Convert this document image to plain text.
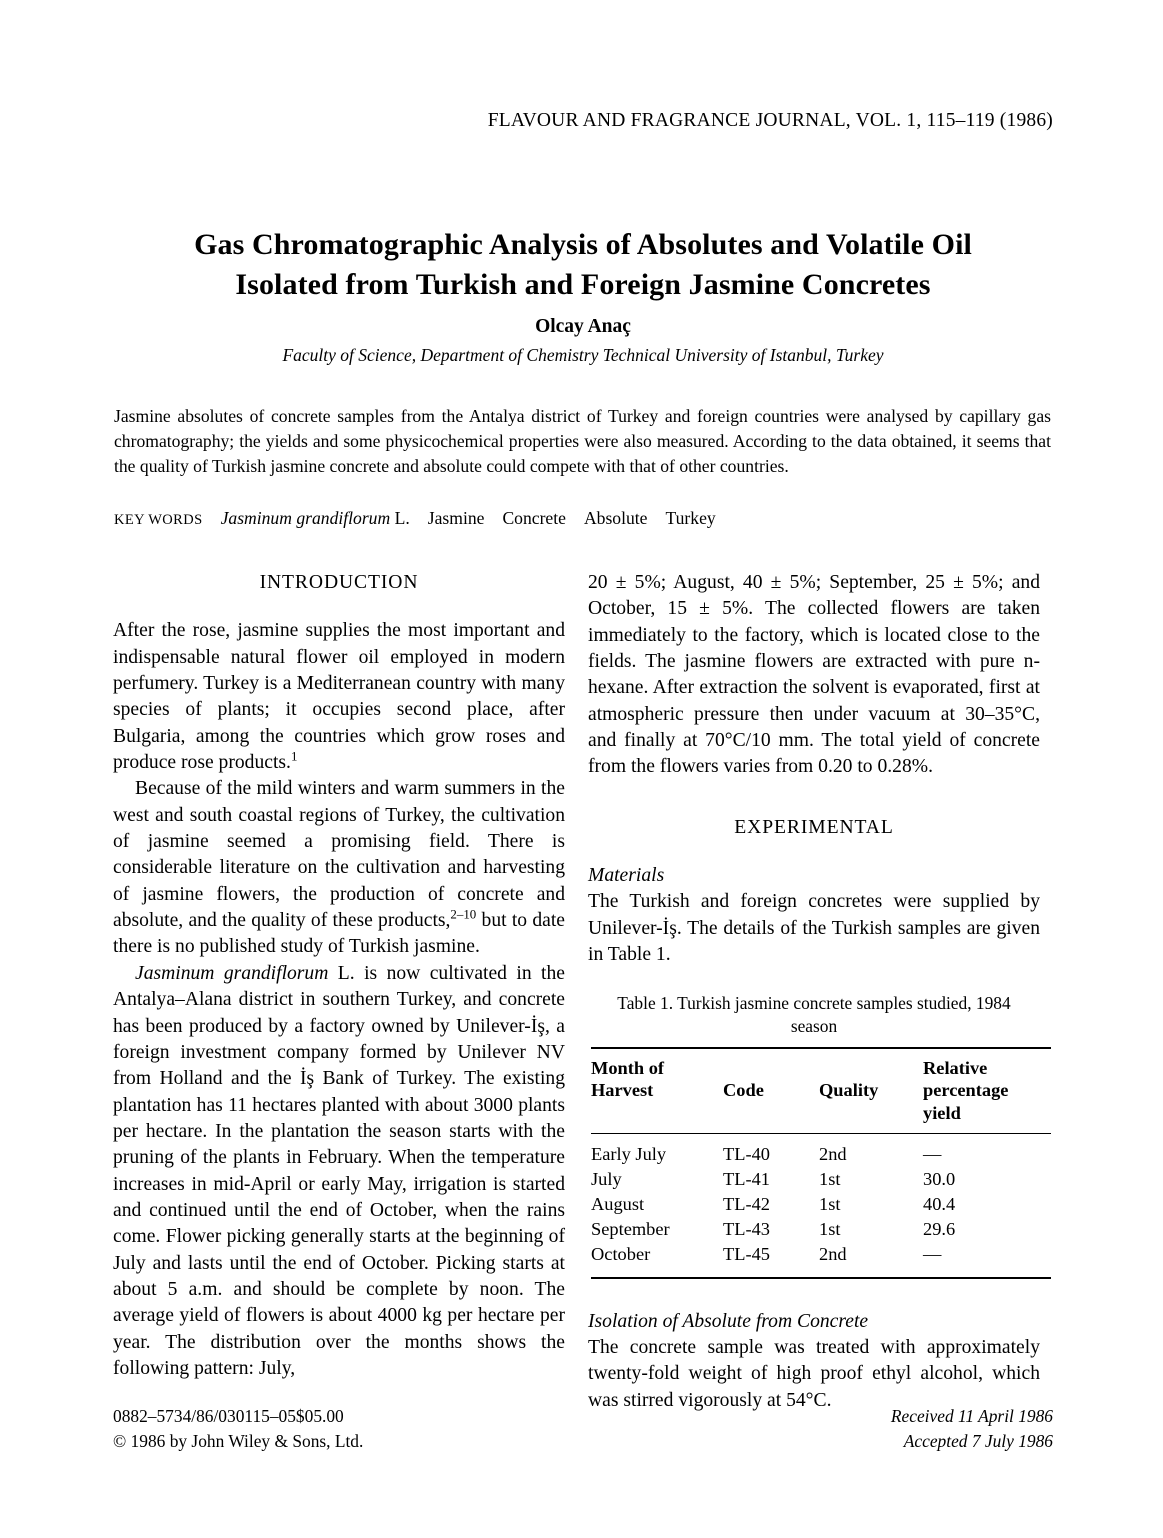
FLAVOUR AND FRAGRANCE JOURNAL, VOL. 1, 115–119 (1986)
Gas Chromatographic Analysis of Absolutes and Volatile Oil
Isolated from Turkish and Foreign Jasmine Concretes
Olcay Anaç
Faculty of Science, Department of Chemistry Technical University of Istanbul, Turkey
Jasmine absolutes of concrete samples from the Antalya district of Turkey and foreign countries were analysed by capillary gas chromatography; the yields and some physicochemical properties were also measured. According to the data obtained, it seems that the quality of Turkish jasmine concrete and absolute could compete with that of other countries.
KEY WORDS Jasminum grandiflorum L. Jasmine Concrete Absolute Turkey
INTRODUCTION

After the rose, jasmine supplies the most important and indispensable natural flower oil employed in modern perfumery. Turkey is a Mediterranean country with many species of plants; it occupies second place, after Bulgaria, among the countries which grow roses and produce rose products.$^1$

Because of the mild winters and warm summers in the west and south coastal regions of Turkey, the cultivation of jasmine seemed a promising field. There is considerable literature on the cultivation and harvesting of jasmine flowers, the production of concrete and absolute, and the quality of these products,$^{2-10}$ but to date there is no published study of Turkish jasmine.

Jasminum grandiflorum L. is now cultivated in the Antalya–Alana district in southern Turkey, and concrete has been produced by a factory owned by Unilever-İş, a foreign investment company formed by Unilever NV from Holland and the İş Bank of Turkey. The existing plantation has 11 hectares planted with about 3000 plants per hectare. In the plantation the season starts with the pruning of the plants in February. When the temperature increases in mid-April or early May, irrigation is started and continued until the end of October, when the rains come. Flower picking generally starts at the beginning of July and lasts until the end of October. Picking starts at about 5 a.m. and should be complete by noon. The average yield of flowers is about 4000 kg per hectare per year. The distribution over the months shows the following pattern: July,

20 ± 5%; August, 40 ± 5%; September, 25 ± 5%; and October, 15 ± 5%. The collected flowers are taken immediately to the factory, which is located close to the fields. The jasmine flowers are extracted with pure n-hexane. After extraction the solvent is evaporated, first at atmospheric pressure then under vacuum at 30–35°C, and finally at 70°C/10 mm. The total yield of concrete from the flowers varies from 0.20 to 0.28%.

EXPERIMENTAL
Materials

The Turkish and foreign concretes were supplied by Unilever-İş. The details of the Turkish samples are given in Table 1.

Table 1. Turkish jasmine concrete samples studied, 1984
season
Month of
Harvest	Code	Quality	Relative percentage
yield
Early July	TL-40	2nd	—
July	TL-41	1st	30.0
August	TL-42	1st	40.4
September	TL-43	1st	29.6
October	TL-45	2nd	—
Isolation of Absolute from Concrete

The concrete sample was treated with approximately twenty-fold weight of high proof ethyl alcohol, which was stirred vigorously at 54°C.

0882–5734/86/030115–05$05.00
© 1986 by John Wiley & Sons, Ltd.
Received 11 April 1986
Accepted 7 July 1986
